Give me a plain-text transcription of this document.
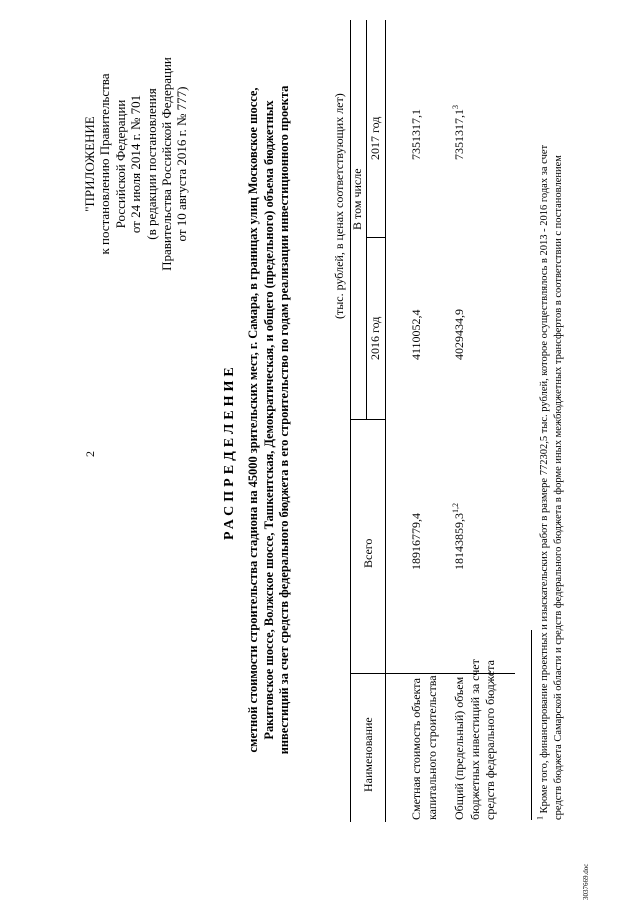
2
"ПРИЛОЖЕНИЕ к постановлению Правительства Российской Федерации от 24 июля 2014 г. № 701 (в редакции постановления Правительства Российской Федерации от 10 августа 2016 г. № 777)
РАСПРЕДЕЛЕНИЕ сметной стоимости строительства стадиона на 45000 зрительских мест, г. Самара, в границах улиц Московское шоссе, Ракитовское шоссе, Волжское шоссе, Ташкентская, Демократическая, и общего (предельного) объема бюджетных инвестиций за счет средств федерального бюджета в его строительство по годам реализации инвестиционного проекта	(тыс. рублей, в ценах соответствующих лет)
Наименование
Всего
В том числе
2016 год
2017 год
Сметная стоимость объекта капитального строительства
18916779,4
4110052,4
7351317,1
Общий (предельный) объем бюджетных инвестиций за счет средств федерального бюджета
18143859,3$^{1,2}$
4029434,9
7351317,1$^3$
$^1$ Кроме того, финансирование проектных и изыскательских работ в размере 772302,5 тыс. рублей, которое осуществлялось в 2013 - 2016 годах за счет средств бюджета Самарской области и средств федерального бюджета в форме иных межбюджетных трансфертов в соответствии с постановлением
3037669.doc
